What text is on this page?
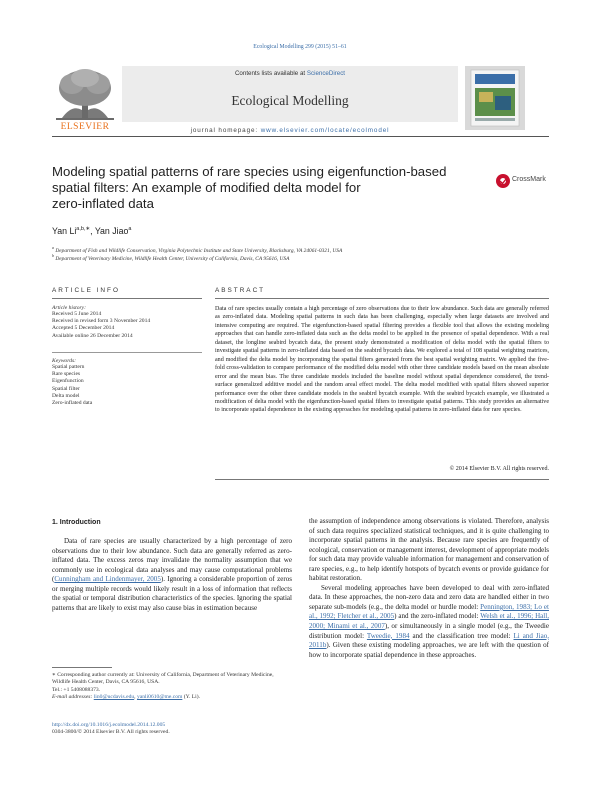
Ecological Modelling 299 (2015) 51–61
ELSEVIER
Contents lists available at ScienceDirect
Ecological Modelling
journal homepage: www.elsevier.com/locate/ecolmodel
Modeling spatial patterns of rare species using eigenfunction-based
spatial filters: An example of modified delta model for
zero-inflated data
CrossMark
Yan $Li^{a,b,∗}$, Yan Jiao$^a$
$^a$ Department of Fish and Wildlife Conservation, Virginia Polytechnic Institute and State University, Blacksburg, VA 24061-0321, USA
$^b$ Department of Veterinary Medicine, Wildlife Health Center, University of California, Davis, CA 95616, USA
ARTICLE INFO	ABSTRACT
Article history:
Received 5 June 2014
Received in revised form 3 November 2014
Accepted 5 December 2014
Available online 26 December 2014
Keywords:
Spatial pattern
Rare species
Eigenfunction
Spatial filter
Delta model
Zero-inflated data
Data of rare species usually contain a high percentage of zero observations due to their low abundance. Such data are generally referred as zero-inflated data. Modeling spatial patterns in such data has been challenging, especially when large datasets are involved and intensive computing are required. The eigenfunction-based spatial filtering provides a flexible tool that allows the existing modeling approaches that can handle zero-inflated data such as the delta model to be applied in the presence of spatial dependence. With a real dataset, the longline seabird bycatch data, the present study demonstrated a modification of delta model with the spatial filters to investigate spatial patterns in zero-inflated data based on the seabird bycatch data. We explored a total of 108 spatial weighting matrices, and modified the delta model by incorporating the spatial filters generated from the best spatial weighting matrix. We applied the five-fold cross-validation to compare performance of the modified delta model with other three candidate models based on the mean absolute error and the mean bias. The three candidate models included the baseline model without spatial dependence considered, the trend-surface generalized additive model and the random areal effect model. The delta model modified with spatial filters showed superior performance over the other three candidate models in the seabird bycatch example. With the seabird bycatch example, we illustrated a modification of delta model with the eigenfunction-based spatial filters to investigate spatial patterns. This study provides an alternative to incorporate spatial dependence in the existing approaches for modeling spatial patterns in zero-inflated data for rare species.
© 2014 Elsevier B.V. All rights reserved.
1. Introduction

Data of rare species are usually characterized by a high percentage of zero observations due to their low abundance. Such data are generally referred as zero-inflated data. The excess zeros may invalidate the normality assumption that we commonly use in ecological data analyses and may cause computational problems (Cunningham and Lindenmayer, 2005). Ignoring a considerable proportion of zeros or merging multiple records would likely result in a loss of information that reflects the spatial or temporal distribution characteristics of the species. Ignoring the spatial patterns that are likely to exist may also cause bias in estimation because

the assumption of independence among observations is violated. Therefore, analysis of such data requires specialized statistical techniques, and it is quite challenging to incorporate spatial patterns in the analysis. Because rare species are frequently of ecological, conservation or management interest, development of appropriate models for such data may provide valuable information for management and conservation of rare species, e.g., to help identify hotspots of bycatch events or provide guidance for habitat restoration.

Several modeling approaches have been developed to deal with zero-inflated data. In these approaches, the non-zero data and zero data are handled either in two separate sub-models (e.g., the delta model or hurdle model: Pennington, 1983; Lo et al., 1992; Fletcher et al., 2005) and the zero-inflated model: Welsh et al., 1996; Hall, 2000; Minami et al., 2007), or simultaneously in a single model (e.g., the Tweedie distribution model: Tweedie, 1984 and the classification tree model: Li and Jiao, 2011b). Given these existing modeling approaches, we are left with the question of how to incorporate spatial dependence in these approaches.

∗ Corresponding author currently at: University of California, Department of Veterinary Medicine, Wildlife Health Center, Davis, CA 95616, USA.
Tel.: +1 5408088373.
E-mail addresses: lin0@ucdavis.edu, yanli0610@me.com (Y. Li).
http://dx.doi.org/10.1016/j.ecolmodel.2014.12.005
0304-3800/© 2014 Elsevier B.V. All rights reserved.
